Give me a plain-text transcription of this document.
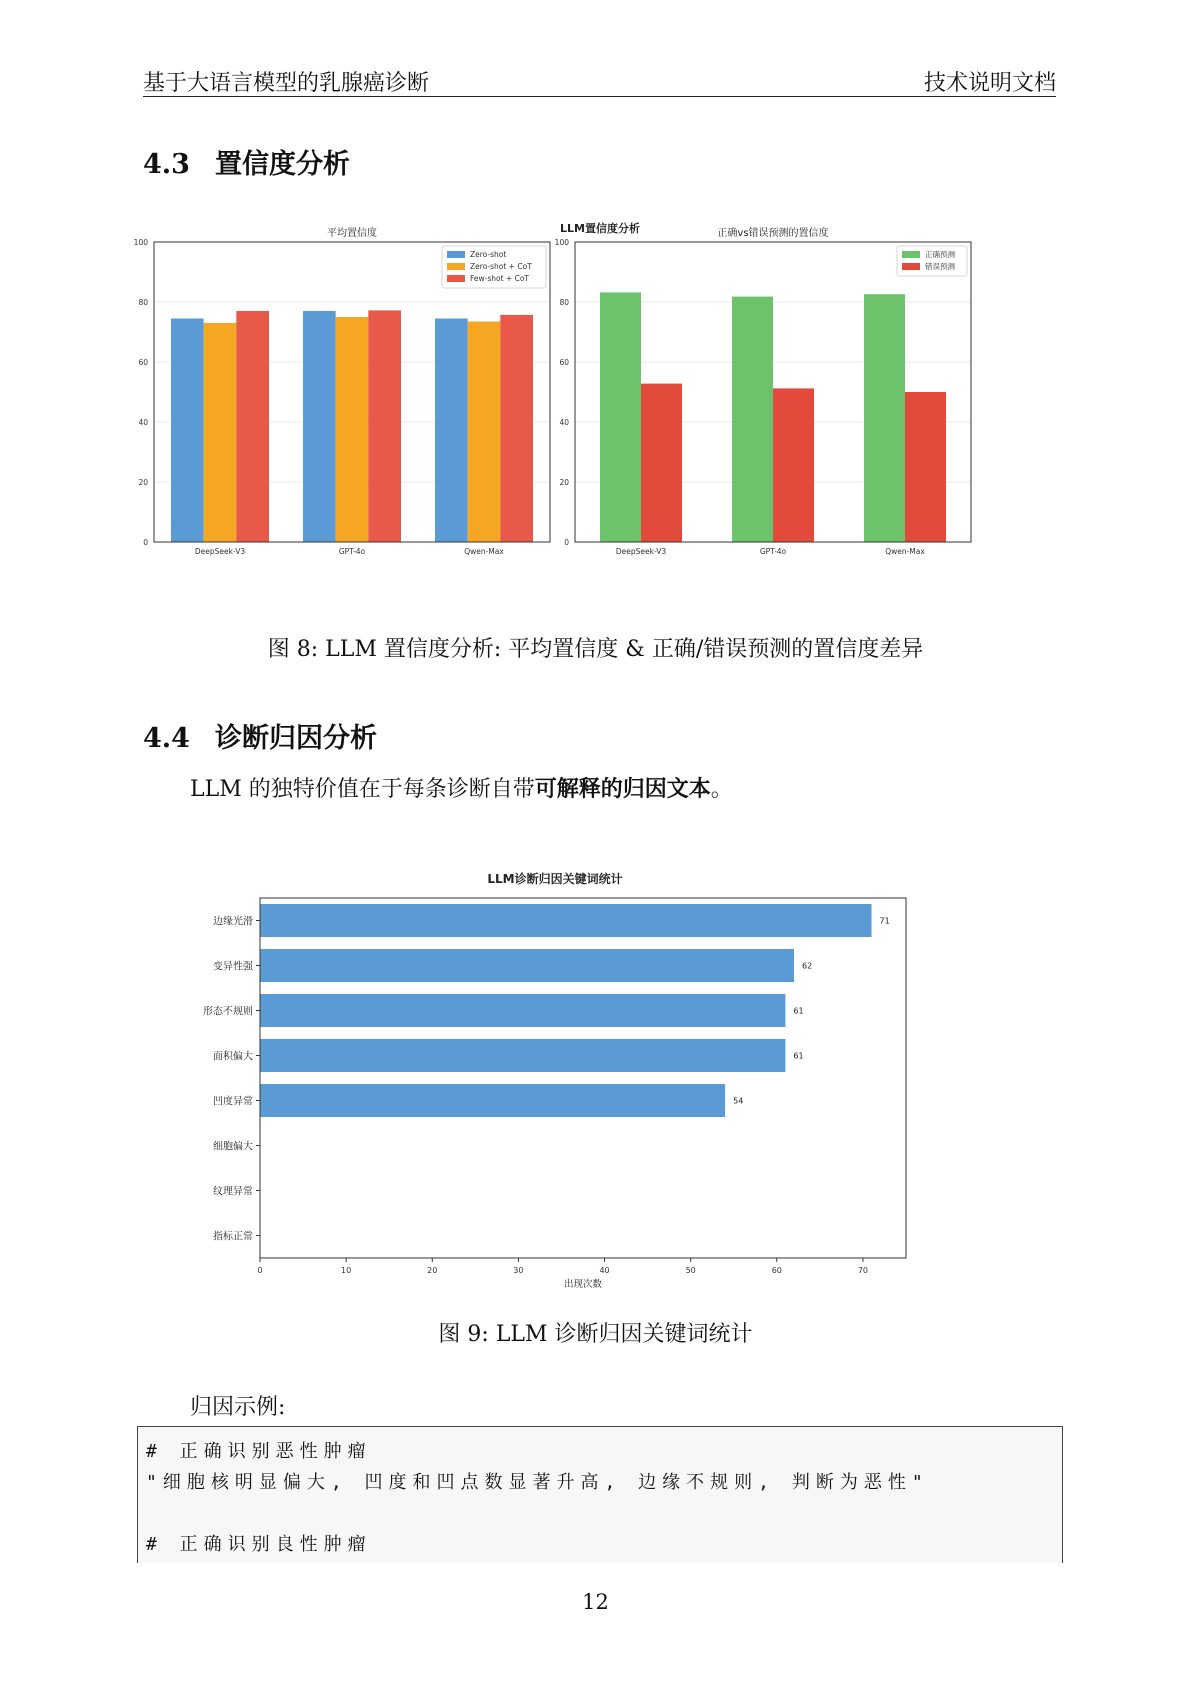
基于大语言模型的乳腺癌诊断	技术说明文档
4.3 置信度分析
LLM置信度分析
平均置信度
0
20
40
60
80
100
DeepSeek-V3	GPT-4o	Qwen-Max
Zero-shot
Zero-shot + CoT
Few-shot + CoT
正确vs错误预测的置信度
0
20
40
60
80
100
DeepSeek-V3	GPT-4o	Qwen-Max
正确预测
错误预测
图 8: LLM 置信度分析: 平均置信度 & 正确/错误预测的置信度差异
4.4 诊断归因分析
LLM 的独特价值在于每条诊断自带可解释的归因文本。
LLM诊断归因关键词统计
边缘光滑	71
变异性强	62
形态不规则	61
面积偏大	61
凹度异常	54
细胞偏大
纹理异常
指标正常
0	10	20	30	40	50	60	70
出现次数
图 9: LLM 诊断归因关键词统计
归因示例:
# 正确识别恶性肿瘤
"细胞核明显偏大, 凹度和凹点数显著升高, 边缘不规则, 判断为恶性"
# 正确识别良性肿瘤
12
